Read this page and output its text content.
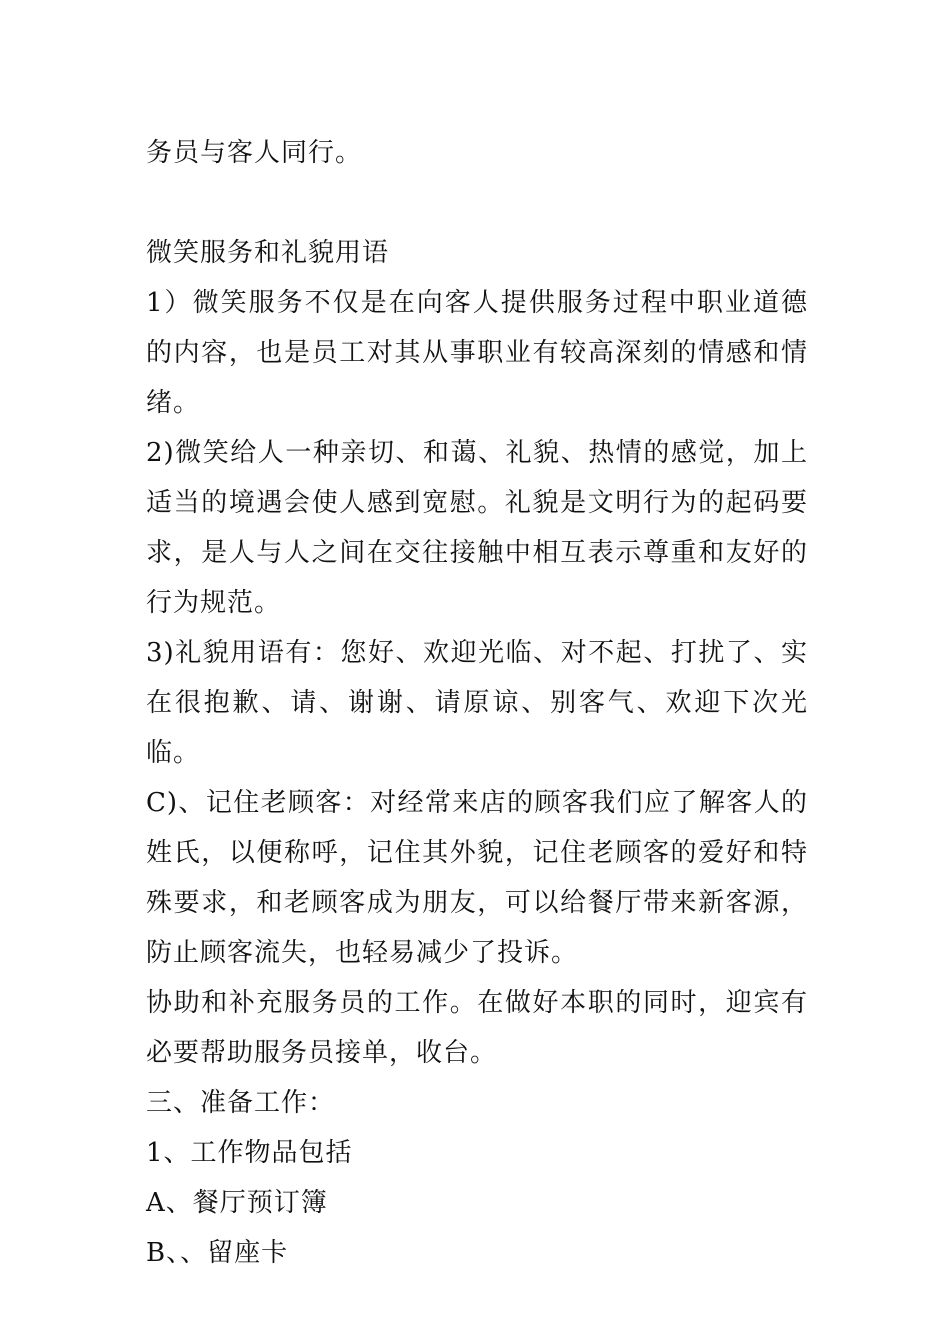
务员与客人同行。

微笑服务和礼貌用语

1）微笑服务不仅是在向客人提供服务过程中职业道德的内容，也是员工对其从事职业有较高深刻的情感和情绪。

2)微笑给人一种亲切、和蔼、礼貌、热情的感觉，加上适当的境遇会使人感到宽慰。礼貌是文明行为的起码要求，是人与人之间在交往接触中相互表示尊重和友好的行为规范。

3)礼貌用语有：您好、欢迎光临、对不起、打扰了、实在很抱歉、请、谢谢、请原谅、别客气、欢迎下次光临。

C)、记住老顾客：对经常来店的顾客我们应了解客人的姓氏，以便称呼，记住其外貌，记住老顾客的爱好和特殊要求，和老顾客成为朋友，可以给餐厅带来新客源，防止顾客流失，也轻易减少了投诉。

协助和补充服务员的工作。在做好本职的同时，迎宾有必要帮助服务员接单，收台。

三、准备工作：

1、工作物品包括

A、餐厅预订簿

B、、留座卡
